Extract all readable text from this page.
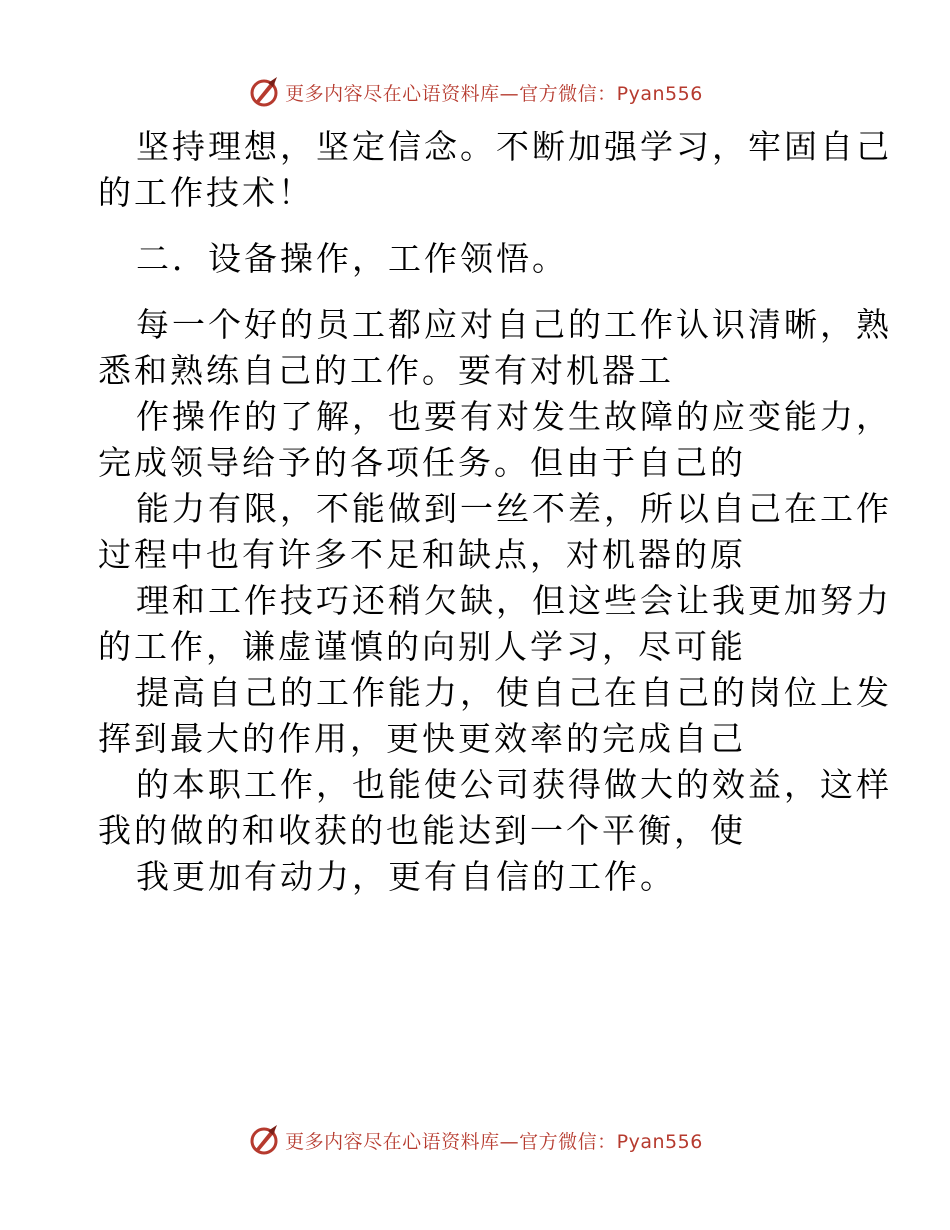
更多内容尽在心语资料库—官方微信：Pyan556

坚持理想，坚定信念。不断加强学习，牢固自己

的工作技术！

二．设备操作，工作领悟。

每一个好的员工都应对自己的工作认识清晰，熟

悉和熟练自己的工作。要有对机器工

作操作的了解，也要有对发生故障的应变能力，

完成领导给予的各项任务。但由于自己的

能力有限，不能做到一丝不差，所以自己在工作

过程中也有许多不足和缺点，对机器的原

理和工作技巧还稍欠缺，但这些会让我更加努力

的工作，谦虚谨慎的向别人学习，尽可能

提高自己的工作能力，使自己在自己的岗位上发

挥到最大的作用，更快更效率的完成自己

的本职工作，也能使公司获得做大的效益，这样

我的做的和收获的也能达到一个平衡，使

我更加有动力，更有自信的工作。

更多内容尽在心语资料库—官方微信：Pyan556
